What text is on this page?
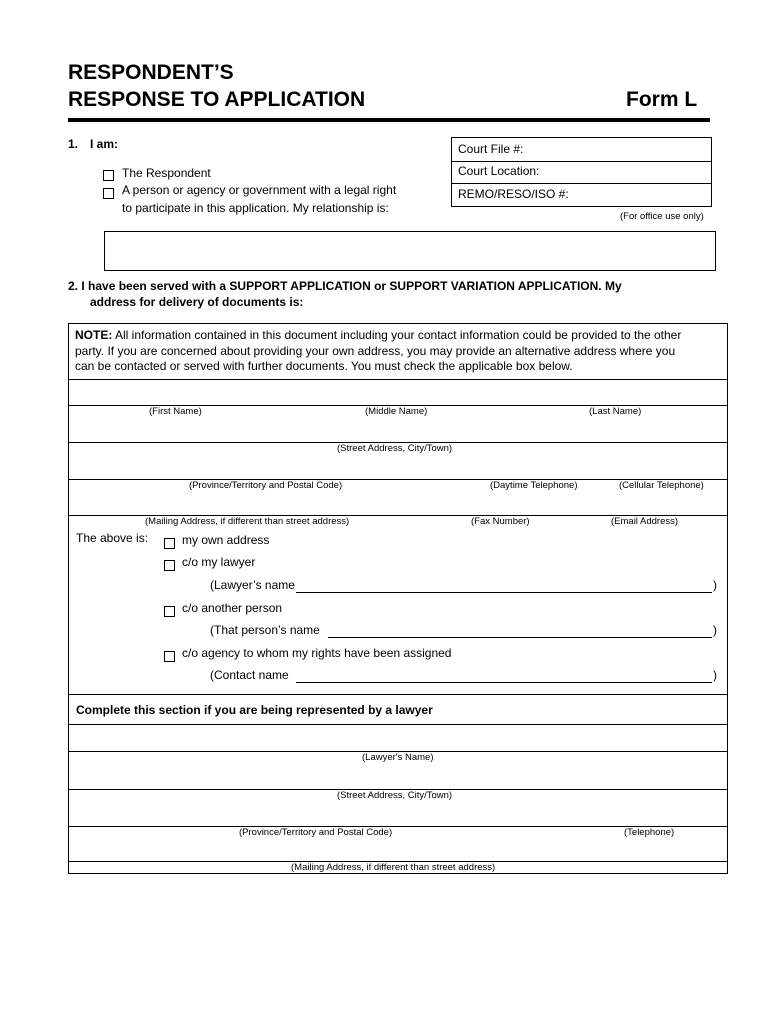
RESPONDENT’S
RESPONSE TO APPLICATION	Form L
1. I am:
The Respondent
A person or agency or government with a legal right
to participate in this application. My relationship is:
Court File #:
Court Location:
REMO/RESO/ISO #:
(For office use only)
2. I have been served with a SUPPORT APPLICATION or SUPPORT VARIATION APPLICATION. My
address for delivery of documents is:
NOTE: All information contained in this document including your contact information could be provided to the other
party. If you are concerned about providing your own address, you may provide an alternative address where you
can be contacted or served with further documents. You must check the applicable box below.
(First Name)	(Middle Name)	(Last Name)
(Street Address, City/Town)
(Province/Territory and Postal Code)	(Daytime Telephone)	(Cellular Telephone)
(Mailing Address, if different than street address)	(Fax Number)	(Email Address)
The above is:	my own address
c/o my lawyer
(Lawyer’s name	)
c/o another person
(That person’s name	)
c/o agency to whom my rights have been assigned
(Contact name	)
Complete this section if you are being represented by a lawyer
(Lawyer's Name)
(Street Address, City/Town)
(Province/Territory and Postal Code)	(Telephone)
(Mailing Address, if different than street address)
